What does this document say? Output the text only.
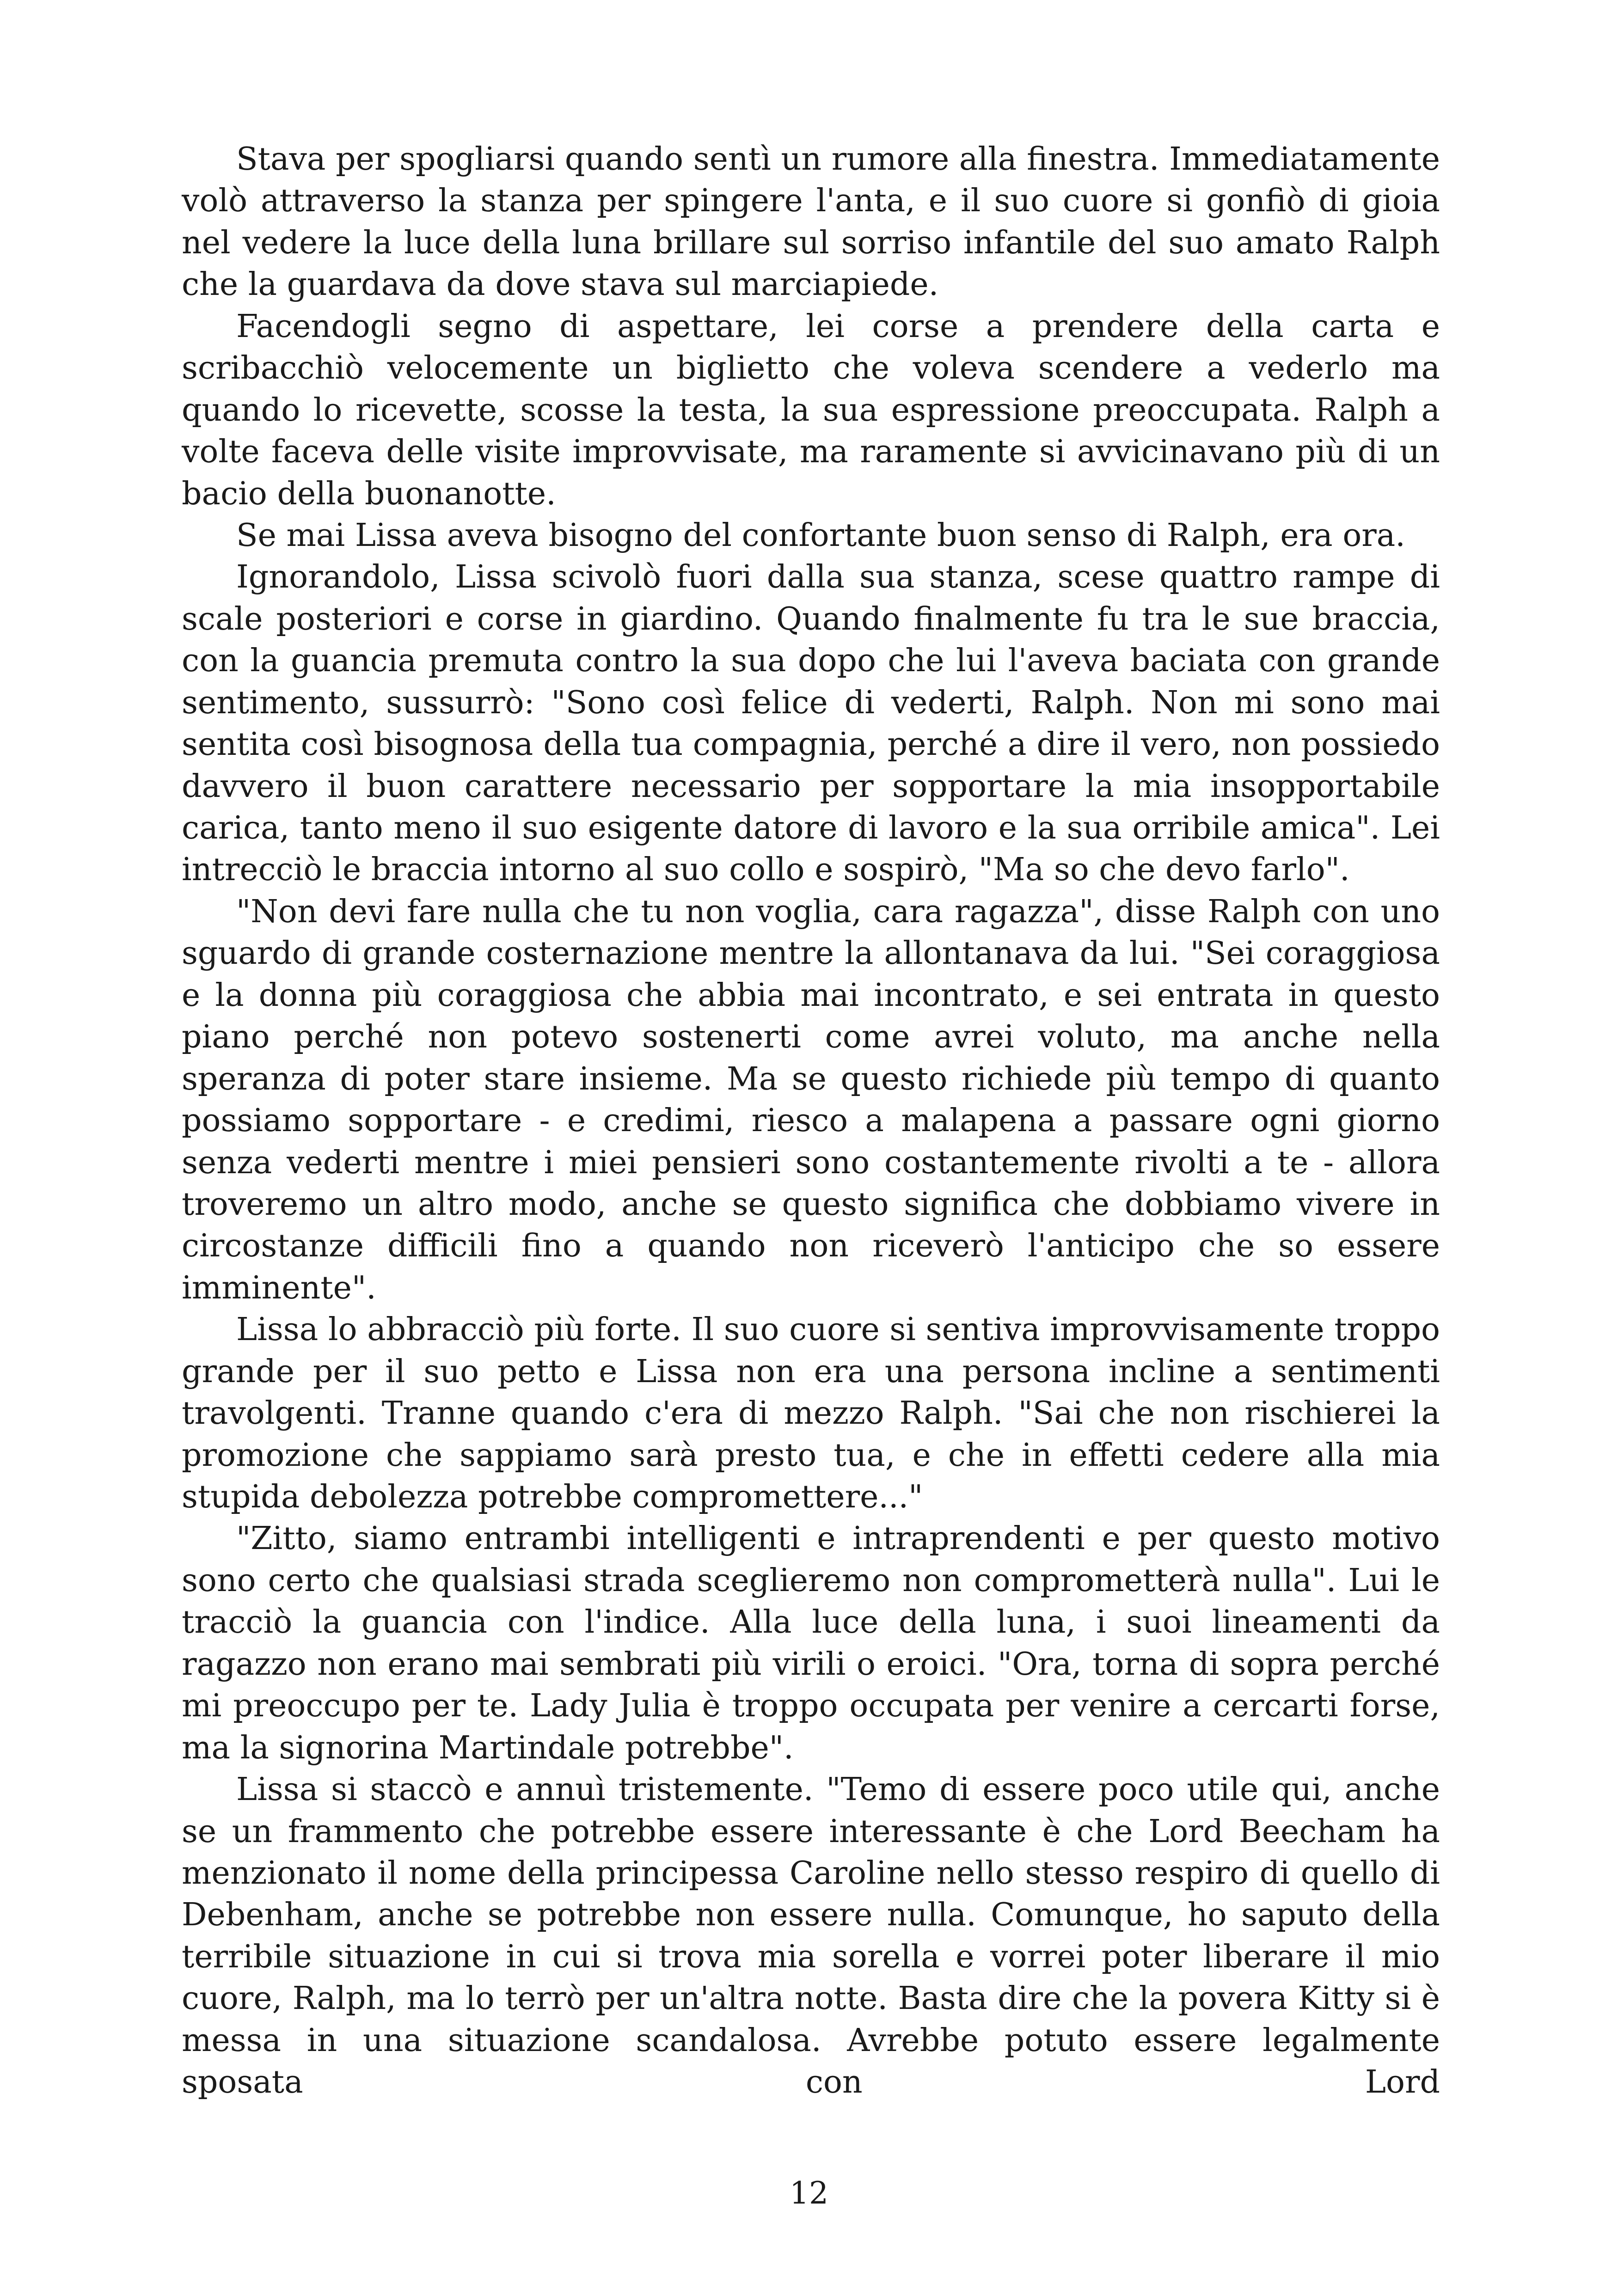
Stava per spogliarsi quando sentì un rumore alla finestra. Immediatamente volò attraverso la stanza per spingere l'anta, e il suo cuore si gonfiò di gioia nel vedere la luce della luna brillare sul sorriso infantile del suo amato Ralph che la guardava da dove stava sul marciapiede.

Facendogli segno di aspettare, lei corse a prendere della carta e scribacchiò velocemente un biglietto che voleva scendere a vederlo ma quando lo ricevette, scosse la testa, la sua espressione preoccupata. Ralph a volte faceva delle visite improvvisate, ma raramente si avvicinavano più di un bacio della buonanotte.

Se mai Lissa aveva bisogno del confortante buon senso di Ralph, era ora.

Ignorandolo, Lissa scivolò fuori dalla sua stanza, scese quattro rampe di scale posteriori e corse in giardino. Quando finalmente fu tra le sue braccia, con la guancia premuta contro la sua dopo che lui l'aveva baciata con grande sentimento, sussurrò: "Sono così felice di vederti, Ralph. Non mi sono mai sentita così bisognosa della tua compagnia, perché a dire il vero, non possiedo davvero il buon carattere necessario per sopportare la mia insopportabile carica, tanto meno il suo esigente datore di lavoro e la sua orribile amica". Lei intrecciò le braccia intorno al suo collo e sospirò, "Ma so che devo farlo".

"Non devi fare nulla che tu non voglia, cara ragazza", disse Ralph con uno sguardo di grande costernazione mentre la allontanava da lui. "Sei coraggiosa e la donna più coraggiosa che abbia mai incontrato, e sei entrata in questo piano perché non potevo sostenerti come avrei voluto, ma anche nella speranza di poter stare insieme. Ma se questo richiede più tempo di quanto possiamo sopportare - e credimi, riesco a malapena a passare ogni giorno senza vederti mentre i miei pensieri sono costantemente rivolti a te - allora troveremo un altro modo, anche se questo significa che dobbiamo vivere in circostanze difficili fino a quando non riceverò l'anticipo che so essere imminente".

Lissa lo abbracciò più forte. Il suo cuore si sentiva improvvisamente troppo grande per il suo petto e Lissa non era una persona incline a sentimenti travolgenti. Tranne quando c'era di mezzo Ralph. "Sai che non rischierei la promozione che sappiamo sarà presto tua, e che in effetti cedere alla mia stupida debolezza potrebbe compromettere..."

"Zitto, siamo entrambi intelligenti e intraprendenti e per questo motivo sono certo che qualsiasi strada sceglieremo non comprometterà nulla". Lui le tracciò la guancia con l'indice. Alla luce della luna, i suoi lineamenti da ragazzo non erano mai sembrati più virili o eroici. "Ora, torna di sopra perché mi preoccupo per te. Lady Julia è troppo occupata per venire a cercarti forse, ma la signorina Martindale potrebbe".

Lissa si staccò e annuì tristemente. "Temo di essere poco utile qui, anche se un frammento che potrebbe essere interessante è che Lord Beecham ha menzionato il nome della principessa Caroline nello stesso respiro di quello di Debenham, anche se potrebbe non essere nulla. Comunque, ho saputo della terribile situazione in cui si trova mia sorella e vorrei poter liberare il mio cuore, Ralph, ma lo terrò per un'altra notte. Basta dire che la povera Kitty si è messa in una situazione scandalosa. Avrebbe potuto essere legalmente sposata con Lord

12
